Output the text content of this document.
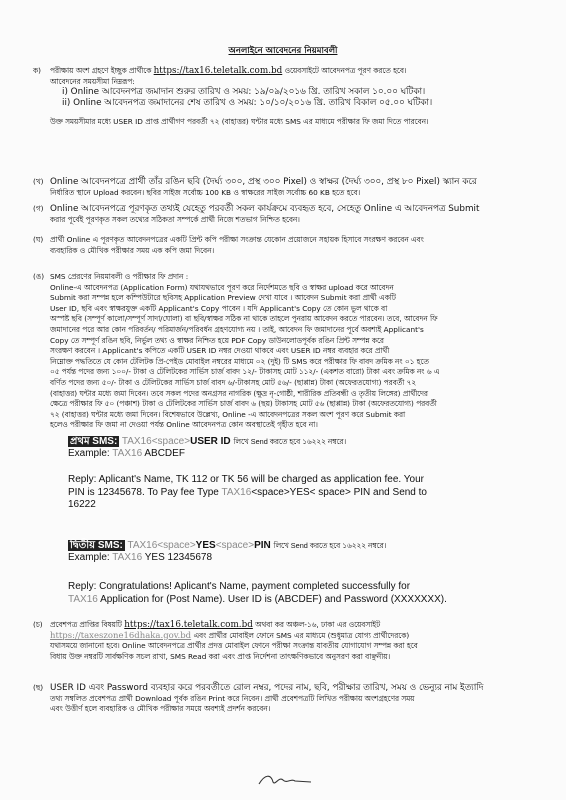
অনলাইনে আবেদনের নিয়মাবলী
ক) পরীক্ষায় অংশ গ্রহণে ইচ্ছুক প্রার্থীকে https://tax16.teletalk.com.bd ওয়েবসাইটে আবেদনপত্র পূরণ করতে হবে।

আবেদনের সময়সীমা নিম্নরূপ:

i) Online আবেদনপত্র জমাদান শুরুর তারিখ ও সময়: ১৯/০৯/২০১৬ খ্রি. তারিখ সকাল ১০.০০ ঘটিকা।

ii) Online আবেদনপত্র জমাদানের শেষ তারিখ ও সময়: ১০/১০/২০১৬ খ্রি. তারিখ বিকাল ০৫.০০ ঘটিকা।

উক্ত সময়সীমার মধ্যে USER ID প্রাপ্ত প্রার্থীগণ পরবর্তী ৭২ (বাহাত্তর) ঘন্টার মধ্যে SMS এর মাধ্যমে পরীক্ষার ফি জমা দিতে পারবেন।

(খ) Online আবেদনপত্রে প্রার্থী তাঁর রঙিন ছবি (দৈর্ঘ্য ৩০০, প্রস্থ ৩০০ Pixel) ও স্বাক্ষর (দৈর্ঘ্য ৩০০, প্রস্থ ৮০ Pixel) স্ক্যান করে

নির্ধারিত স্থানে Upload করবেন। ছবির সাইজ সর্বোচ্চ 100 KB ও স্বাক্ষরের সাইজ সর্বোচ্চ 60 KB হতে হবে।

(গ) Online আবেদনপত্রে পূরণকৃত তথ্যই যেহেতু পরবর্তী সকল কার্যক্রমে ব্যবহৃত হবে, সেহেতু Online এ আবেদনপত্র Submit

করার পূর্বেই পূরণকৃত সকল তথ্যের সঠিকতা সম্পর্কে প্রার্থী নিজে শতভাগ নিশ্চিত হবেন।

(ঘ) প্রার্থী Online এ পূরণকৃত আবেদনপত্রের একটি প্রিন্ট কপি পরীক্ষা সংক্রান্ত যেকোন প্রয়োজনে সহায়ক হিসাবে সংরক্ষণ করবেন এবং

ব্যবহারিক ও মৌখিক পরীক্ষার সময় এক কপি জমা দিবেন।

(ঙ) SMS প্রেরণের নিয়মাবলী ও পরীক্ষার ফি প্রদান :

Online-এ আবেদনপত্র (Application Form) যথাযথভাবে পূরণ করে নির্দেশমতে ছবি ও স্বাক্ষর upload করে আবেদন

Submit করা সম্পন্ন হলে কম্পিউটারে ছবিসহ Application Preview দেখা যাবে । আবেদন Submit করা প্রার্থী একটি

User ID, ছবি এবং স্বাক্ষরযুক্ত একটি Applicant's Copy পাবেন । যদি Applicant's Copy তে কোন ভুল থাকে বা

অস্পষ্ট ছবি (সম্পূর্ণ কালো/সম্পূর্ণ সাদা/ঘোলা) বা ছবি/স্বাক্ষর সঠিক না থাকে তাহলে পুনরায় আবেদন করতে পারবেন। তবে, আবেদন ফি

জমাদানের পরে আর কোন পরিবর্তন/ পরিমার্জন/পরিবর্ধন গ্রহণযোগ্য নয় । তাই, আবেদন ফি জমাদানের পূর্বে অবশ্যই Applicant's

Copy তে সম্পূর্ণ রঙিন ছবি, নির্ভুল তথ্য ও স্বাক্ষর নিশ্চিত হয়ে PDF Copy ডাউনলোডপূর্বক রঙিন প্রিন্ট সম্পন্ন করে

সংরক্ষণ করবেন । Applicant's কপিতে একটি USER ID নম্বর দেওয়া থাকবে এবং USER ID নম্বর ব্যবহার করে প্রার্থী

নিম্নোক্ত পদ্ধতিতে যে কোন টেলিটক প্রি-পেইড মোবাইল নম্বরের মাধ্যমে ০২ (দুই) টি SMS করে পরীক্ষার ফি বাবদ ক্রমিক নং ০১ হতে

০৫ পর্যন্ত পদের জন্য ১০০/- টাকা ও টেলিটকের সার্ভিস চার্জ বাবদ ১২/- টাকাসহ মোট ১১২/- (একশত বারো) টাকা এবং ক্রমিক নং ৬ এ

বর্ণিত পদের জন্য ৫০/- টাকা ও টেলিটকের সার্ভিস চার্জ বাবদ ৬/-টাকাসহ মোট ৫৬/- (ছাপ্পান্ন) টাকা (অফেরতযোগ্য) পরবর্তী ৭২

(বাহাত্তর) ঘন্টার মধ্যে জমা দিবেন। তবে সকল পদের অনগ্রসর নাগরিক (ক্ষুদ্র নৃ-গোষ্ঠী, শারীরিক প্রতিবন্ধী ও তৃতীয় লিঙ্গের) প্রার্থীদের

ক্ষেত্রে পরীক্ষার ফি ৫০ (পঞ্চাশ) টাকা ও টেলিটকের সার্ভিস চার্জ বাবদ ৬ (ছয়) টাকাসহ মোট ৫৬ (ছাপ্পান্ন) টাকা (অফেরতযোগ্য) পরবর্তী

৭২ (বাহাত্তর) ঘন্টার মধ্যে জমা দিবেন। বিশেষভাবে উল্লেখ্য, Online -এ আবেদনপত্রের সকল অংশ পূরণ করে Submit করা

হলেও পরীক্ষার ফি জমা না দেওয়া পর্যন্ত Online আবেদনপত্র কোন অবস্থাতেই গৃহীত হবে না।

প্রথম SMS: TAX16<space>USER ID লিখে Send করতে হবে ১৬২২২ নম্বরে।
Example: TAX16 ABCDEF
Reply: Aplicant's Name, TK 112 or TK 56 will be charged as application fee. Your
PIN is 12345678. To Pay fee Type TAX16<space>YES< space> PIN and Send to
16222
দ্বিতীয় SMS: TAX16<space>YES<space>PIN লিখে Send করতে হবে ১৬২২২ নম্বরে।
Example: TAX16 YES 12345678
Reply: Congratulations! Aplicant's Name, payment completed successfully for
TAX16 Application for (Post Name). User ID is (ABCDEF) and Password (XXXXXXX).
(চ) প্রবেশপত্র প্রাপ্তির বিষয়টি https://tax16.teletalk.com.bd অথবা কর অঞ্চল-১৬, ঢাকা এর ওয়েবসাইট

https://taxeszone16dhaka.gov.bd এবং প্রার্থীর মোবাইল ফোনে SMS এর মাধ্যমে (শুধুমাত্র যোগ্য প্রার্থীদেরকে)

যথাসময়ে জানানো হবে। Online আবেদনপত্রে প্রার্থীর প্রদত্ত মোবাইল ফোনে পরীক্ষা সংক্রান্ত যাবতীয় যোগাযোগ সম্পন্ন করা হবে

বিধায় উক্ত নম্বরটি সার্বক্ষণিক সচল রাখা, SMS Read করা এবং প্রাপ্ত নির্দেশনা তাৎক্ষণিকভাবে অনুসরণ করা বাঞ্ছনীয়।

(ছ) USER ID এবং Password ব্যবহার করে পরবর্তীতে রোল নম্বর, পদের নাম, ছবি, পরীক্ষার তারিখ, সময় ও ভেন্যুর নাম ইত্যাদি

তথ্য সম্বলিত প্রবেশপত্র প্রার্থী Download পূর্বক রঙিন Print করে নিবেন। প্রার্থী প্রবেশপত্রটি লিখিত পরীক্ষায় অংশগ্রহণের সময়

এবং উত্তীর্ণ হলে ব্যবহারিক ও মৌখিক পরীক্ষার সময়ে অবশ্যই প্রদর্শন করবেন।
